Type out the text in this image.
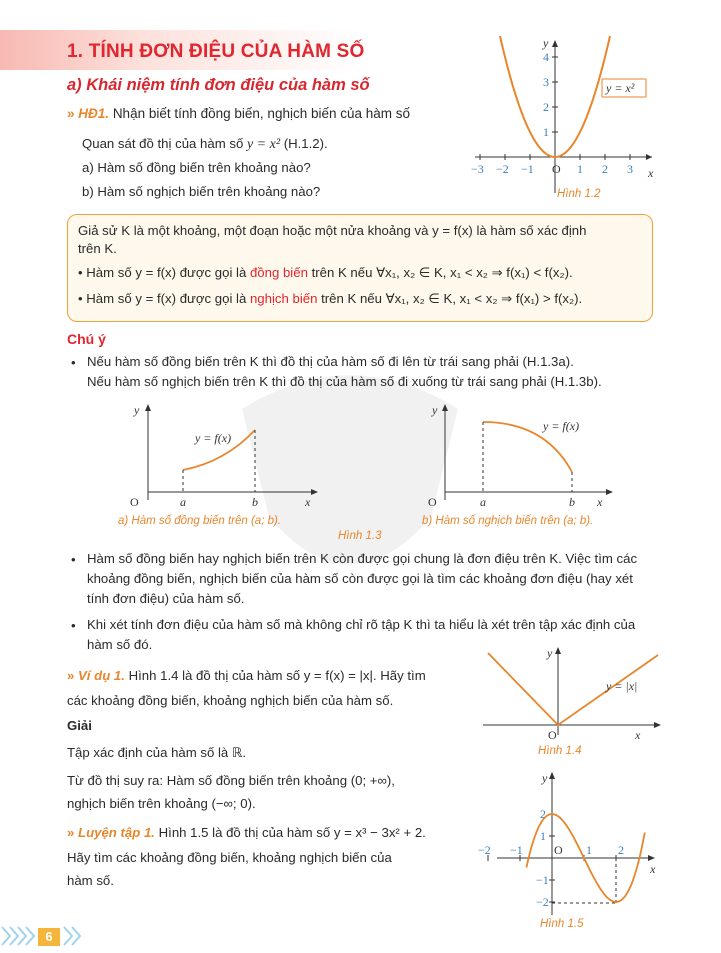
1. TÍNH ĐƠN ĐIỆU CỦA HÀM SỐ
a) Khái niệm tính đơn điệu của hàm số
» HĐ1. Nhận biết tính đồng biến, nghịch biến của hàm số
Quan sát đồ thị của hàm số y = x² (H.1.2).
a) Hàm số đồng biến trên khoảng nào?
b) Hàm số nghịch biến trên khoảng nào?
−3 −2 −1 O 1 2 3
1
2
3
4
y = x²
x
y
Hình 1.2
Giả sử K là một khoảng, một đoạn hoặc một nửa khoảng và y = f(x) là hàm số xác định
trên K.
• Hàm số y = f(x) được gọi là đồng biến trên K nếu ∀x₁, x₂ ∈ K, x₁ < x₂ ⇒ f(x₁) < f(x₂).
• Hàm số y = f(x) được gọi là nghịch biến trên K nếu ∀x₁, x₂ ∈ K, x₁ < x₂ ⇒ f(x₁) > f(x₂).
Chú ý
• Nếu hàm số đồng biến trên K thì đồ thị của hàm số đi lên từ trái sang phải (H.1.3a).
Nếu hàm số nghịch biến trên K thì đồ thị của hàm số đi xuống từ trái sang phải (H.1.3b).
y = f(x)
O	a	b	x
y
y = f(x)
O	a	b x
y
a) Hàm số đồng biến trên (a; b).	b) Hàm số nghịch biến trên (a; b).
Hình 1.3
• Hàm số đồng biến hay nghịch biến trên K còn được gọi chung là đơn điệu trên K. Việc tìm các khoảng đồng biến, nghịch biến của hàm số còn được gọi là tìm các khoảng đơn điệu (hay xét tính đơn điệu) của hàm số.
• Khi xét tính đơn điệu của hàm số mà không chỉ rõ tập K thì ta hiểu là xét trên tập xác định của hàm số đó.
» Ví dụ 1. Hình 1.4 là đồ thị của hàm số y = f(x) = |x|. Hãy tìm
các khoảng đồng biến, khoảng nghịch biến của hàm số.
Giải
Tập xác định của hàm số là ℝ.
Từ đồ thị suy ra: Hàm số đồng biến trên khoảng (0; +∞),
nghịch biến trên khoảng (−∞; 0).
y = |x|
O	x
y
Hình 1.4
» Luyện tập 1. Hình 1.5 là đồ thị của hàm số y = x³ − 3x² + 2.
Hãy tìm các khoảng đồng biến, khoảng nghịch biến của
hàm số.
−2 −1	O 1 2
2
1
−1
−2
x
y
Hình 1.5
6
